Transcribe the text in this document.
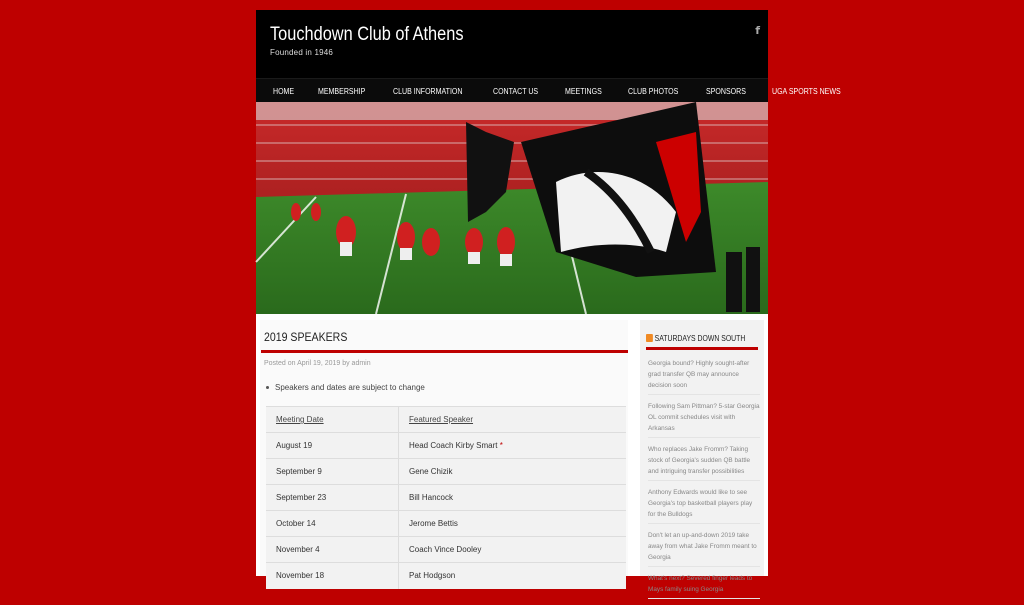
Touchdown Club of Athens
Founded in 1946
f
HOME	MEMBERSHIP	CLUB INFORMATION	CONTACT US	MEETINGS	CLUB PHOTOS	SPONSORS	UGA SPORTS NEWS
2019 SPEAKERS
Posted on April 19, 2019 by admin
Speakers and dates are subject to change
Meeting Date	Featured Speaker
August 19	Head Coach Kirby Smart *
September 9	Gene Chizik
September 23	Bill Hancock
October 14	Jerome Bettis
November 4	Coach Vince Dooley
November 18	Pat Hodgson
SATURDAYS DOWN SOUTH
Georgia bound? Highly sought-after grad transfer QB may announce decision soon
Following Sam Pittman? 5-star Georgia OL commit schedules visit with Arkansas
Who replaces Jake Fromm? Taking stock of Georgia's sudden QB battle and intriguing transfer possibilities
Anthony Edwards would like to see Georgia's top basketball players play for the Bulldogs
Don't let an up-and-down 2019 take away from what Jake Fromm meant to Georgia
What's next? Severed finger leads to Mays family suing Georgia
